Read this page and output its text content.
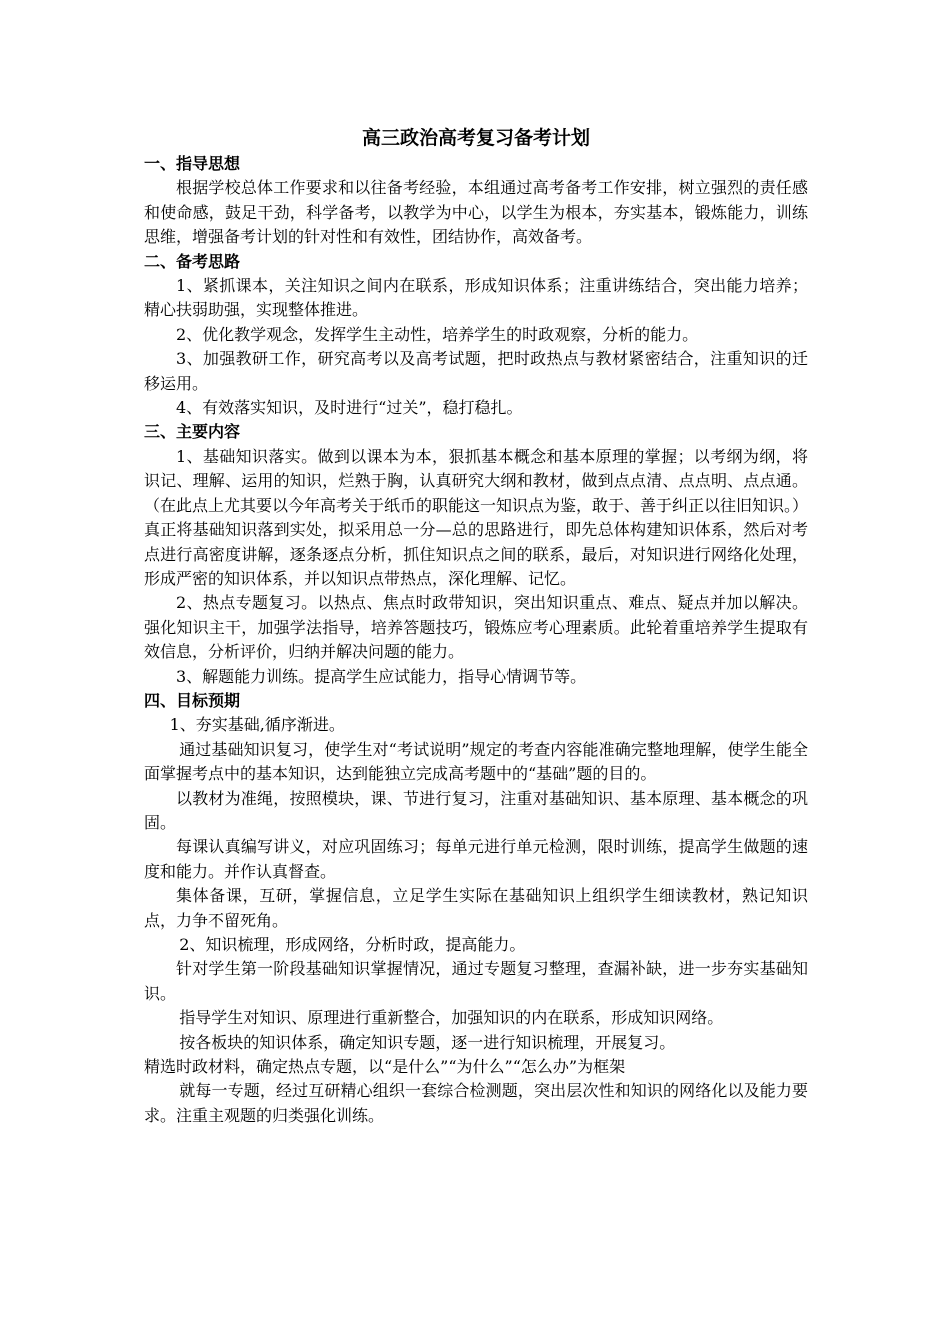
高三政治高考复习备考计划
一、指导思想

根据学校总体工作要求和以往备考经验，本组通过高考备考工作安排，树立强烈的责任感和使命感，鼓足干劲，科学备考，以教学为中心，以学生为根本，夯实基本，锻炼能力，训练思维，增强备考计划的针对性和有效性，团结协作，高效备考。

二、备考思路

1、紧抓课本，关注知识之间内在联系，形成知识体系；注重讲练结合，突出能力培养；精心扶弱助强，实现整体推进。

2、优化教学观念，发挥学生主动性，培养学生的时政观察，分析的能力。

3、加强教研工作，研究高考以及高考试题，把时政热点与教材紧密结合，注重知识的迁移运用。

4、有效落实知识，及时进行“过关”，稳打稳扎。

三、主要内容

1、基础知识落实。做到以课本为本，狠抓基本概念和基本原理的掌握；以考纲为纲，将识记、理解、运用的知识，烂熟于胸，认真研究大纲和教材，做到点点清、点点明、点点通。（在此点上尤其要以今年高考关于纸币的职能这一知识点为鉴，敢于、善于纠正以往旧知识。）真正将基础知识落到实处，拟采用总一分—总的思路进行，即先总体构建知识体系，然后对考点进行高密度讲解，逐条逐点分析，抓住知识点之间的联系，最后，对知识进行网络化处理，形成严密的知识体系，并以知识点带热点，深化理解、记忆。

2、热点专题复习。以热点、焦点时政带知识，突出知识重点、难点、疑点并加以解决。强化知识主干，加强学法指导，培养答题技巧，锻炼应考心理素质。此轮着重培养学生提取有效信息，分析评价，归纳并解决问题的能力。

3、解题能力训练。提高学生应试能力，指导心情调节等。

四、目标预期

1、夯实基础,循序渐进。

通过基础知识复习，使学生对“考试说明”规定的考查内容能准确完整地理解，使学生能全面掌握考点中的基本知识，达到能独立完成高考题中的“基础”题的目的。

以教材为准绳，按照模块，课、节进行复习，注重对基础知识、基本原理、基本概念的巩固。

每课认真编写讲义，对应巩固练习；每单元进行单元检测，限时训练，提高学生做题的速度和能力。并作认真督查。

集体备课，互研，掌握信息，立足学生实际在基础知识上组织学生细读教材，熟记知识点，力争不留死角。

2、知识梳理，形成网络，分析时政，提高能力。

针对学生第一阶段基础知识掌握情况，通过专题复习整理，查漏补缺，进一步夯实基础知识。

指导学生对知识、原理进行重新整合，加强知识的内在联系，形成知识网络。

按各板块的知识体系，确定知识专题，逐一进行知识梳理，开展复习。

精选时政材料，确定热点专题，以“是什么”“为什么”“怎么办”为框架

就每一专题，经过互研精心组织一套综合检测题，突出层次性和知识的网络化以及能力要求。注重主观题的归类强化训练。
